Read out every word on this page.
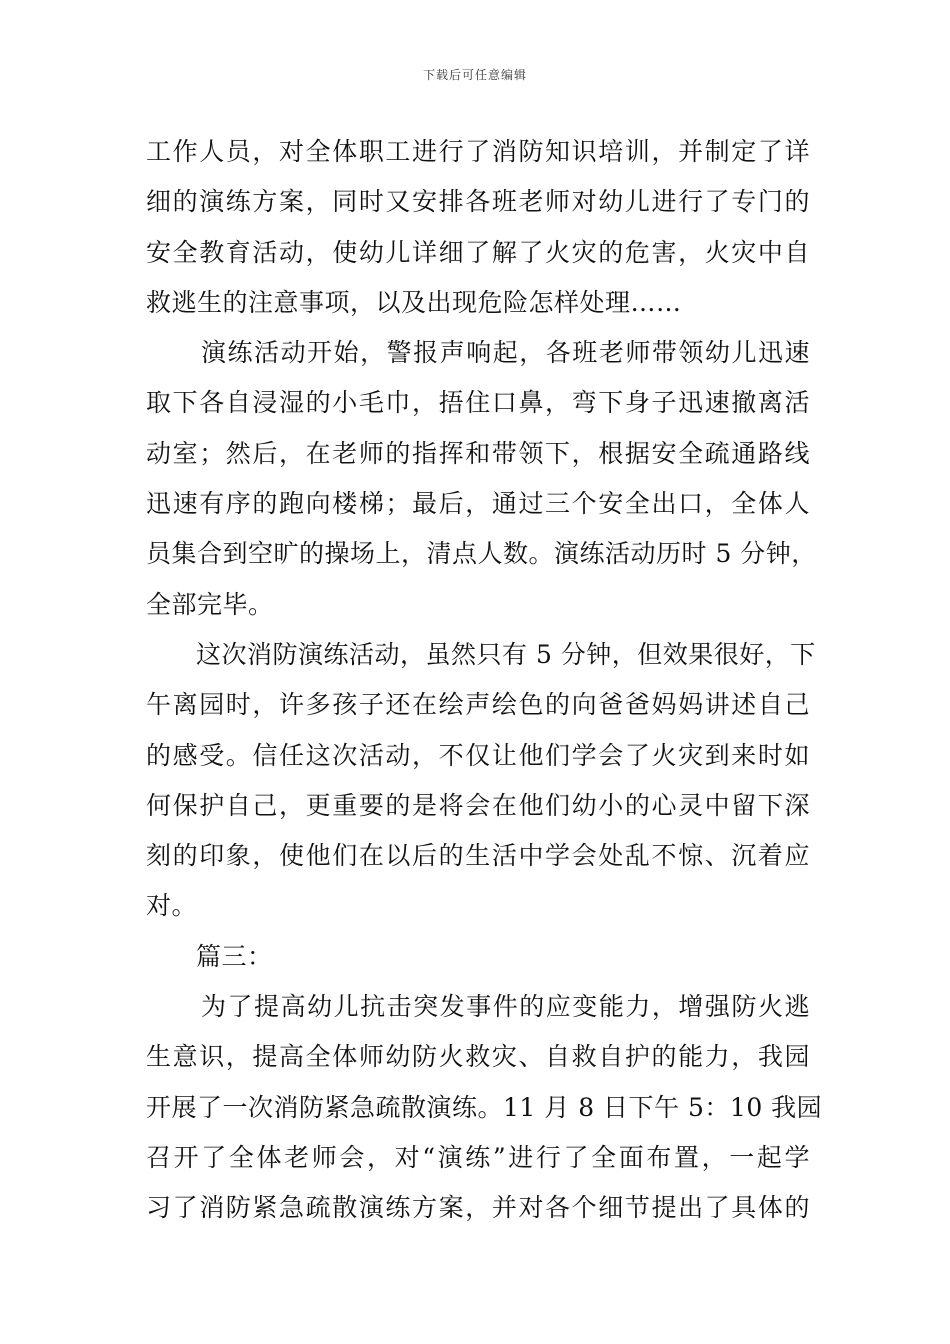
下载后可任意编辑
工作人员，对全体职工进行了消防知识培训，并制定了详
细的演练方案，同时又安排各班老师对幼儿进行了专门的
安全教育活动，使幼儿详细了解了火灾的危害，火灾中自
救逃生的注意事项，以及出现危险怎样处理……
演练活动开始，警报声响起，各班老师带领幼儿迅速
取下各自浸湿的小毛巾，捂住口鼻，弯下身子迅速撤离活
动室；然后，在老师的指挥和带领下，根据安全疏通路线
迅速有序的跑向楼梯；最后，通过三个安全出口，全体人
员集合到空旷的操场上，清点人数。演练活动历时 5 分钟，
全部完毕。
这次消防演练活动，虽然只有 5 分钟，但效果很好，下
午离园时，许多孩子还在绘声绘色的向爸爸妈妈讲述自己
的感受。信任这次活动，不仅让他们学会了火灾到来时如
何保护自己，更重要的是将会在他们幼小的心灵中留下深
刻的印象，使他们在以后的生活中学会处乱不惊、沉着应
对。
篇三：
为了提高幼儿抗击突发事件的应变能力，增强防火逃
生意识，提高全体师幼防火救灾、自救自护的能力，我园
开展了一次消防紧急疏散演练。11 月 8 日下午 5：10 我园
召开了全体老师会，对“演练”进行了全面布置，一起学
习了消防紧急疏散演练方案，并对各个细节提出了具体的
